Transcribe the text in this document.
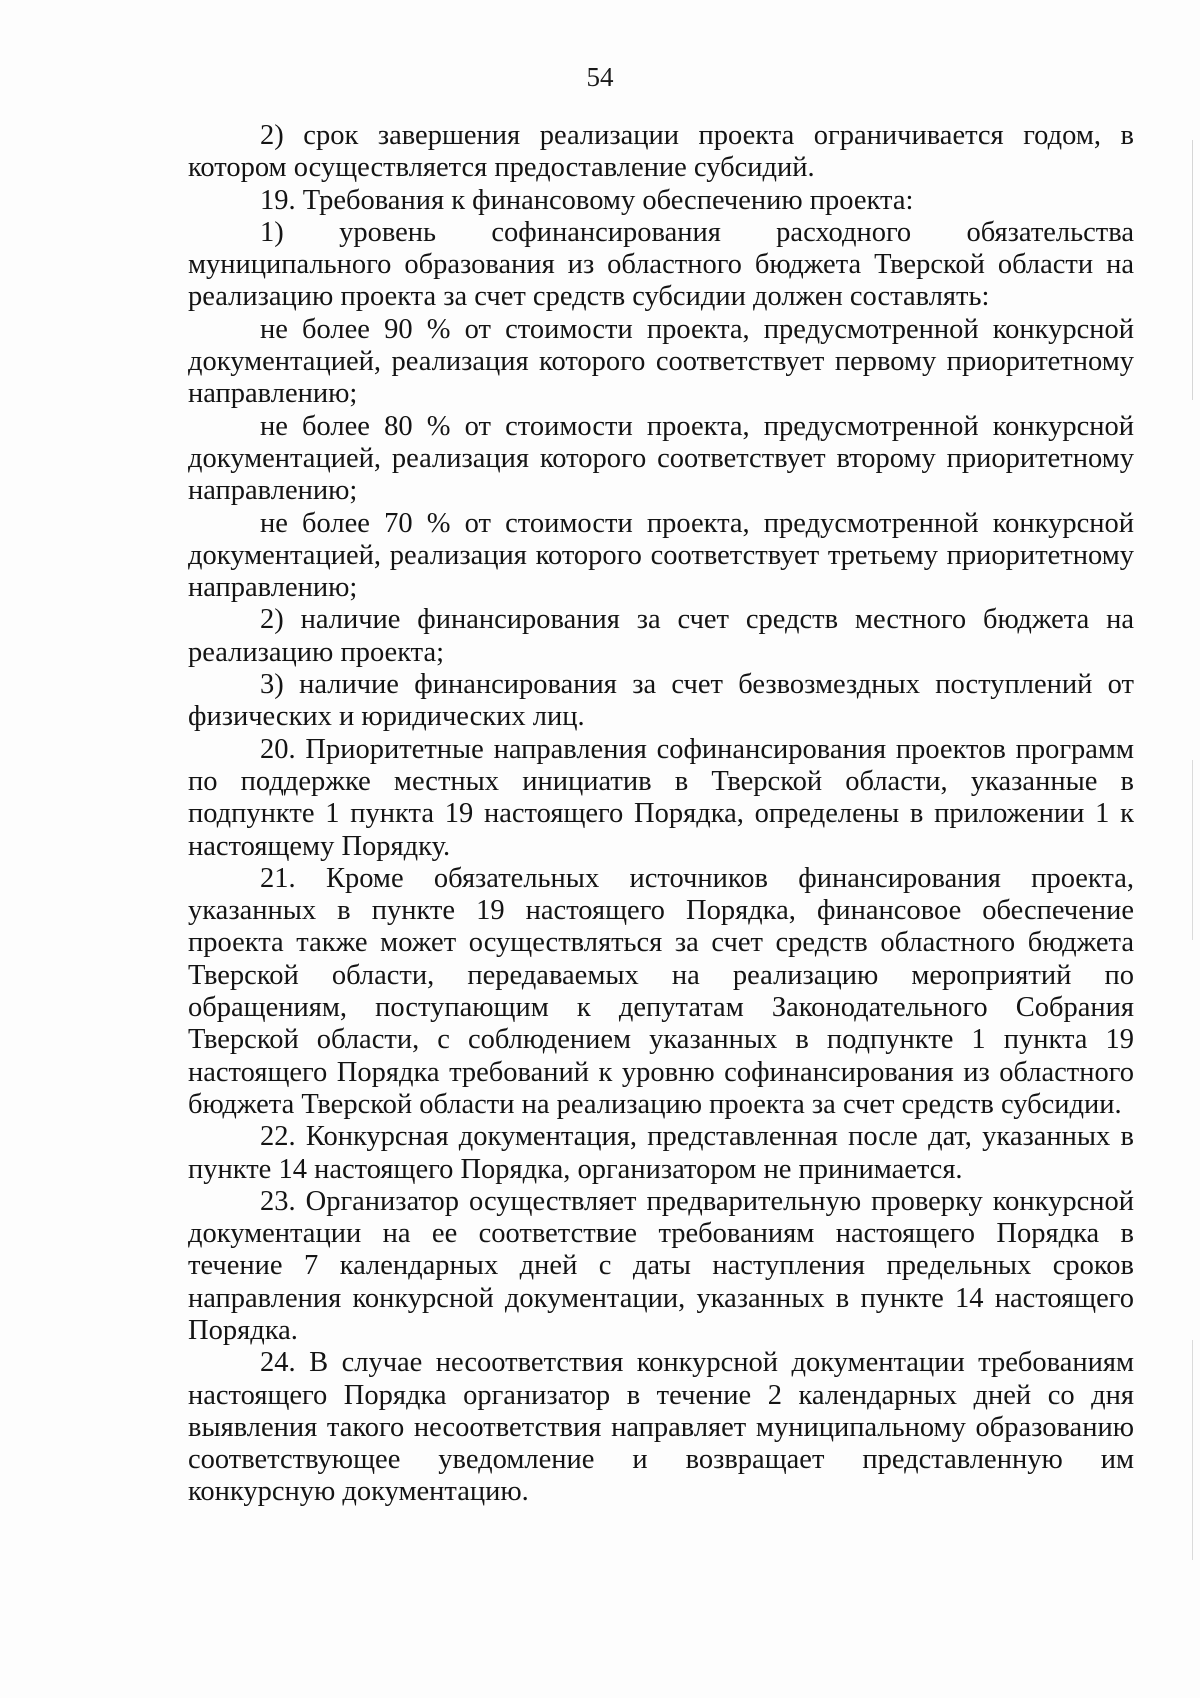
54

2) срок завершения реализации проекта ограничивается годом, в котором осуществляется предоставление субсидий.

19. Требования к финансовому обеспечению проекта:

1) уровень софинансирования расходного обязательства муниципального образования из областного бюджета Тверской области на реализацию проекта за счет средств субсидии должен составлять:

не более 90 % от стоимости проекта, предусмотренной конкурсной документацией, реализация которого соответствует первому приоритетному направлению;

не более 80 % от стоимости проекта, предусмотренной конкурсной документацией, реализация которого соответствует второму приоритетному направлению;

не более 70 % от стоимости проекта, предусмотренной конкурсной документацией, реализация которого соответствует третьему приоритетному направлению;

2) наличие финансирования за счет средств местного бюджета на реализацию проекта;

3) наличие финансирования за счет безвозмездных поступлений от физических и юридических лиц.

20. Приоритетные направления софинансирования проектов программ по поддержке местных инициатив в Тверской области, указанные в подпункте 1 пункта 19 настоящего Порядка, определены в приложении 1 к настоящему Порядку.

21. Кроме обязательных источников финансирования проекта, указанных в пункте 19 настоящего Порядка, финансовое обеспечение проекта также может осуществляться за счет средств областного бюджета Тверской области, передаваемых на реализацию мероприятий по обращениям, поступающим к депутатам Законодательного Собрания Тверской области, с соблюдением указанных в подпункте 1 пункта 19 настоящего Порядка требований к уровню софинансирования из областного бюджета Тверской области на реализацию проекта за счет средств субсидии.

22. Конкурсная документация, представленная после дат, указанных в пункте 14 настоящего Порядка, организатором не принимается.

23. Организатор осуществляет предварительную проверку конкурсной документации на ее соответствие требованиям настоящего Порядка в течение 7 календарных дней с даты наступления предельных сроков направления конкурсной документации, указанных в пункте 14 настоящего Порядка.

24. В случае несоответствия конкурсной документации требованиям настоящего Порядка организатор в течение 2 календарных дней со дня выявления такого несоответствия направляет муниципальному образованию соответствующее уведомление и возвращает представленную им конкурсную документацию.
